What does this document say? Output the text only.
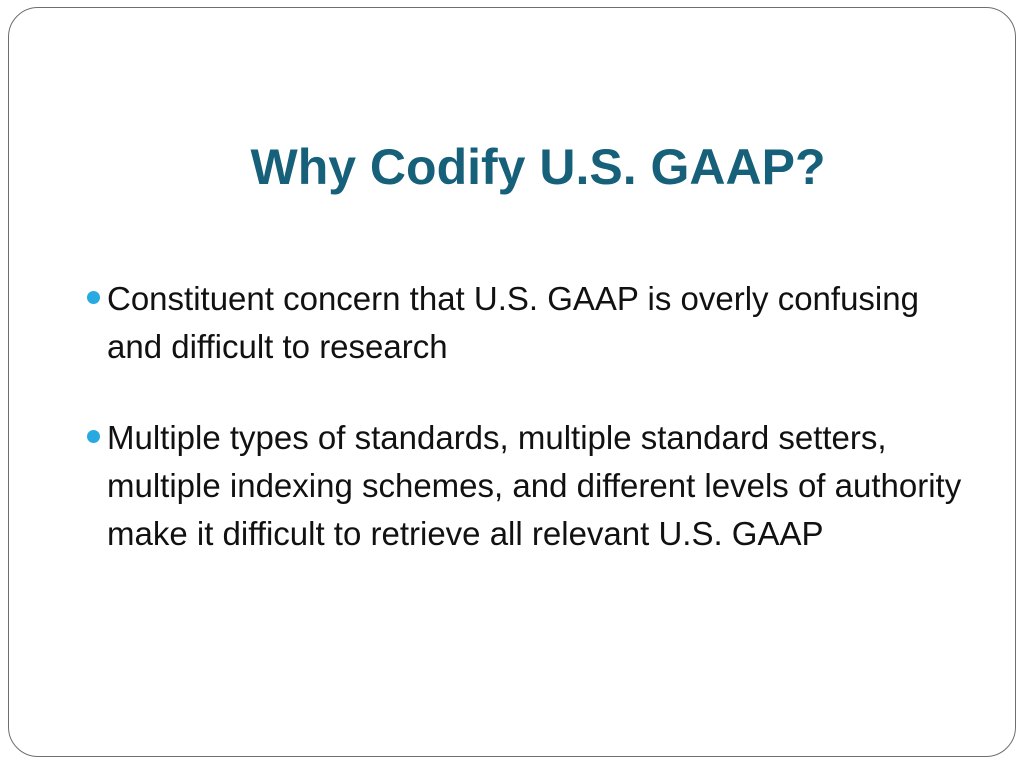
Why Codify U.S. GAAP?
Constituent concern that U.S. GAAP is overly confusing and difficult to research
Multiple types of standards, multiple standard setters, multiple indexing schemes, and different levels of authority make it difficult to retrieve all relevant U.S. GAAP
